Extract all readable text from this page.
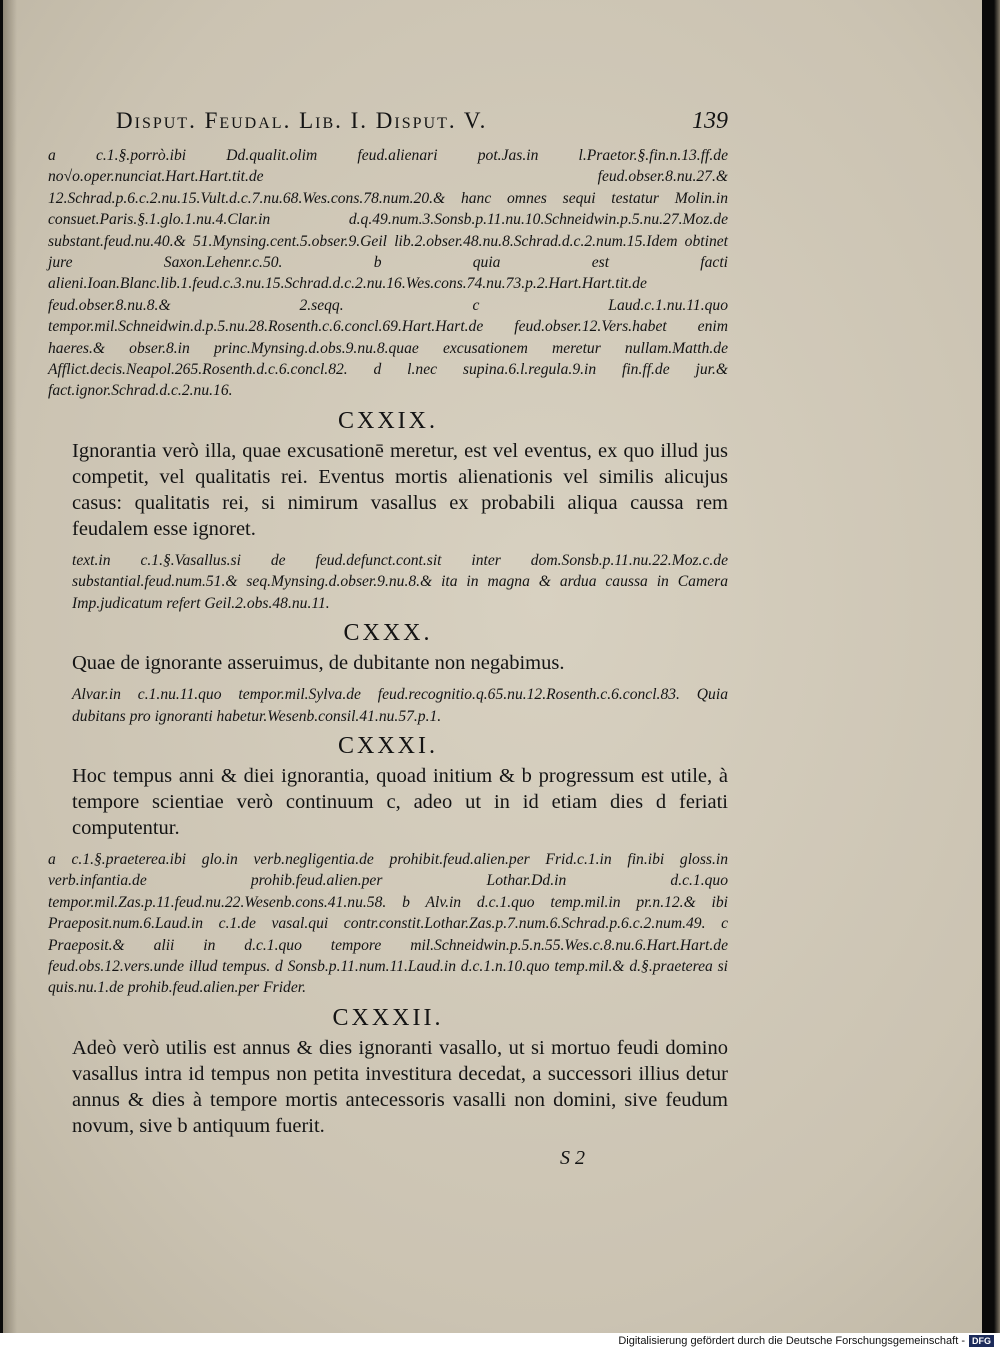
Disput. Feudal. Lib. I. Disput. V.	139

a c.1.§.porrò.ibi Dd.qualit.olim feud.alienari pot.Jas.in l.Praetor.§.fin.n.13.ff.de no√o.oper.nunciat.Hart.Hart.tit.de feud.obser.8.nu.27.& 12.Schrad.p.6.c.2.nu.15.Vult.d.c.7.nu.68.Wes.cons.78.num.20.& hanc omnes sequi testatur Molin.in consuet.Paris.§.1.glo.1.nu.4.Clar.in d.q.49.num.3.Sonsb.p.11.nu.10.Schneidwin.p.5.nu.27.Moz.de substant.feud.nu.40.& 51.Mynsing.cent.5.obser.9.Geil lib.2.obser.48.nu.8.Schrad.d.c.2.num.15.Idem obtinet jure Saxon.Lehenr.c.50. b quia est facti alieni.Ioan.Blanc.lib.1.feud.c.3.nu.15.Schrad.d.c.2.nu.16.Wes.cons.74.nu.73.p.2.Hart.Hart.tit.de feud.obser.8.nu.8.& 2.seqq. c Laud.c.1.nu.11.quo tempor.mil.Schneidwin.d.p.5.nu.28.Rosenth.c.6.concl.69.Hart.Hart.de feud.obser.12.Vers.habet enim haeres.& obser.8.in princ.Mynsing.d.obs.9.nu.8.quae excusationem meretur nullam.Matth.de Afflict.decis.Neapol.265.Rosenth.d.c.6.concl.82. d l.nec supina.6.l.regula.9.in fin.ff.de jur.& fact.ignor.Schrad.d.c.2.nu.16.

CXXIX.

Ignorantia verò illa, quae excusationē meretur, est vel eventus, ex quo illud jus competit, vel qualitatis rei. Eventus mortis alienationis vel similis alicujus casus: qualitatis rei, si nimirum vasallus ex probabili aliqua caussa rem feudalem esse ignoret.

text.in c.1.§.Vasallus.si de feud.defunct.cont.sit inter dom.Sonsb.p.11.nu.22.Moz.c.de substantial.feud.num.51.& seq.Mynsing.d.obser.9.nu.8.& ita in magna & ardua caussa in Camera Imp.judicatum refert Geil.2.obs.48.nu.11.

CXXX.

Quae de ignorante asseruimus, de dubitante non negabimus.

Alvar.in c.1.nu.11.quo tempor.mil.Sylva.de feud.recognitio.q.65.nu.12.Rosenth.c.6.concl.83. Quia dubitans pro ignoranti habetur.Wesenb.consil.41.nu.57.p.1.

CXXXI.

Hoc tempus anni & diei ignorantia, quoad initium & b progressum est utile, à tempore scientiae verò continuum c, adeo ut in id etiam dies d feriati computentur.

a c.1.§.praeterea.ibi glo.in verb.negligentia.de prohibit.feud.alien.per Frid.c.1.in fin.ibi gloss.in verb.infantia.de prohib.feud.alien.per Lothar.Dd.in d.c.1.quo tempor.mil.Zas.p.11.feud.nu.22.Wesenb.cons.41.nu.58. b Alv.in d.c.1.quo temp.mil.in pr.n.12.& ibi Praeposit.num.6.Laud.in c.1.de vasal.qui contr.constit.Lothar.Zas.p.7.num.6.Schrad.p.6.c.2.num.49. c Praeposit.& alii in d.c.1.quo tempore mil.Schneidwin.p.5.n.55.Wes.c.8.nu.6.Hart.Hart.de feud.obs.12.vers.unde illud tempus. d Sonsb.p.11.num.11.Laud.in d.c.1.n.10.quo temp.mil.& d.§.praeterea si quis.nu.1.de prohib.feud.alien.per Frider.

CXXXII.

Adeò verò utilis est annus & dies ignoranti vasallo, ut si mortuo feudi domino vasallus intra id tempus non petita investitura decedat, a successori illius detur annus & dies à tempore mortis antecessoris vasalli non domini, sive feudum novum, sive b antiquum fuerit.

S 2
Digitalisierung gefördert durch die Deutsche Forschungsgemeinschaft - DFG
